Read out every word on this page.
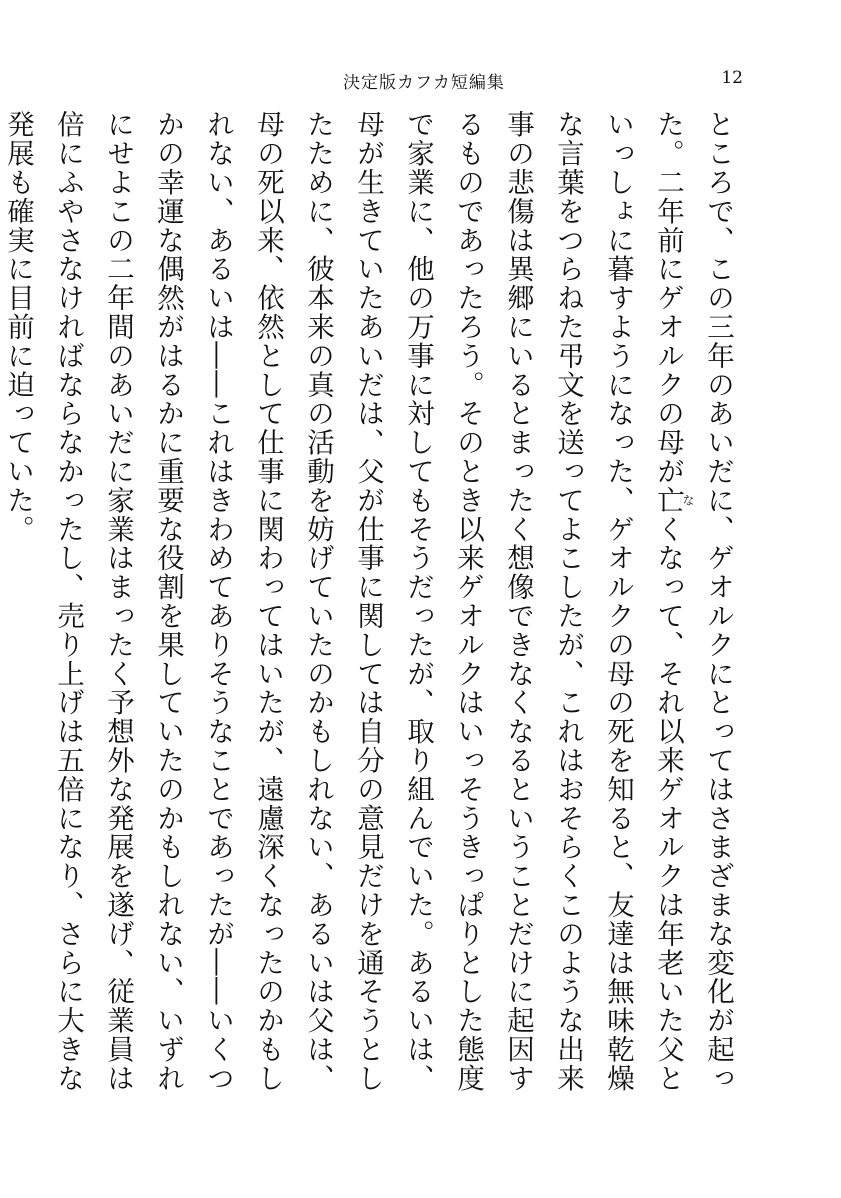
決定版カフカ短編集	12

ところで、この三年のあいだに、ゲオルクにとってはさまざまな変化が起った。二年前にゲオルクの母が亡なくなって、それ以来ゲオルクは年老いた父といっしょに暮すようになった、ゲオルクの母の死を知ると、友達は無味乾燥な言葉をつらねた弔文を送ってよこしたが、これはおそらくこのような出来事の悲傷は異郷にいるとまったく想像できなくなるということだけに起因するものであったろう。そのとき以来ゲオルクはいっそうきっぱりとした態度で家業に、他の万事に対してもそうだったが、取り組んでいた。あるいは、母が生きていたあいだは、父が仕事に関しては自分の意見だけを通そうとしたために、彼本来の真の活動を妨げていたのかもしれない、あるいは父は、母の死以来、依然として仕事に関わってはいたが、遠慮深くなったのかもしれない、あるいは――これはきわめてありそうなことであったが――いくつかの幸運な偶然がはるかに重要な役割を果していたのかもしれない、いずれにせよこの二年間のあいだに家業はまったく予想外な発展を遂げ、従業員は倍にふやさなければならなかったし、売り上げは五倍になり、さらに大きな発展も確実に目前に迫っていた。
